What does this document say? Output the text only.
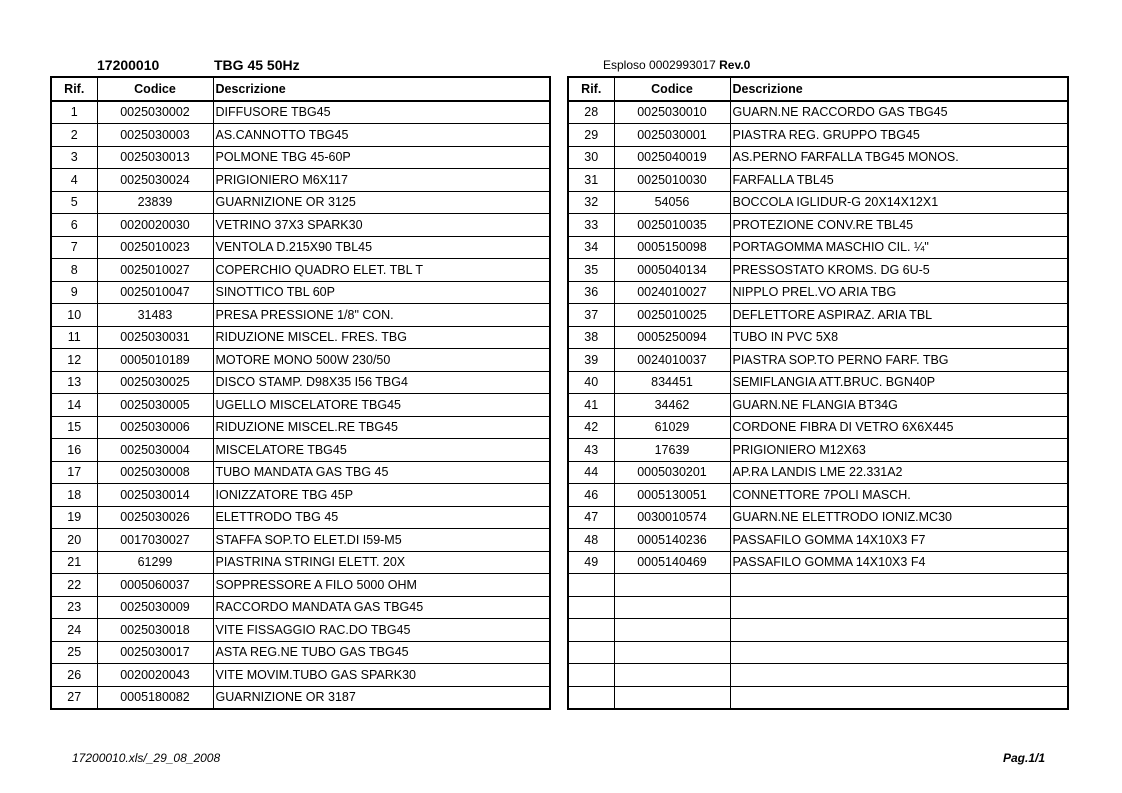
17200010	TBG 45 50Hz	Esploso 0002993017 Rev.0
Rif.	Codice	Descrizione
1	0025030002	DIFFUSORE TBG45
2	0025030003	AS.CANNOTTO TBG45
3	0025030013	POLMONE TBG 45-60P
4	0025030024	PRIGIONIERO M6X117
5	23839	GUARNIZIONE OR 3125
6	0020020030	VETRINO 37X3 SPARK30
7	0025010023	VENTOLA D.215X90 TBL45
8	0025010027	COPERCHIO QUADRO ELET. TBL T
9	0025010047	SINOTTICO TBL 60P
10	31483	PRESA PRESSIONE 1/8" CON.
11	0025030031	RIDUZIONE MISCEL. FRES. TBG
12	0005010189	MOTORE MONO 500W 230/50
13	0025030025	DISCO STAMP. D98X35 I56 TBG4
14	0025030005	UGELLO MISCELATORE TBG45
15	0025030006	RIDUZIONE MISCEL.RE TBG45
16	0025030004	MISCELATORE TBG45
17	0025030008	TUBO MANDATA GAS TBG 45
18	0025030014	IONIZZATORE TBG 45P
19	0025030026	ELETTRODO TBG 45
20	0017030027	STAFFA SOP.TO ELET.DI I59-M5
21	61299	PIASTRINA STRINGI ELETT. 20X
22	0005060037	SOPPRESSORE A FILO 5000 OHM
23	0025030009	RACCORDO MANDATA GAS TBG45
24	0025030018	VITE FISSAGGIO RAC.DO TBG45
25	0025030017	ASTA REG.NE TUBO GAS TBG45
26	0020020043	VITE MOVIM.TUBO GAS SPARK30
27	0005180082	GUARNIZIONE OR 3187
Rif.	Codice	Descrizione
28	0025030010	GUARN.NE RACCORDO GAS TBG45
29	0025030001	PIASTRA REG. GRUPPO TBG45
30	0025040019	AS.PERNO FARFALLA TBG45 MONOS.
31	0025010030	FARFALLA TBL45
32	54056	BOCCOLA IGLIDUR-G 20X14X12X1
33	0025010035	PROTEZIONE CONV.RE TBL45
34	0005150098	PORTAGOMMA MASCHIO CIL. ¼"
35	0005040134	PRESSOSTATO KROMS. DG 6U-5
36	0024010027	NIPPLO PREL.VO ARIA TBG
37	0025010025	DEFLETTORE ASPIRAZ. ARIA TBL
38	0005250094	TUBO IN PVC 5X8
39	0024010037	PIASTRA SOP.TO PERNO FARF. TBG
40	834451	SEMIFLANGIA ATT.BRUC. BGN40P
41	34462	GUARN.NE FLANGIA BT34G
42	61029	CORDONE FIBRA DI VETRO 6X6X445
43	17639	PRIGIONIERO M12X63
44	0005030201	AP.RA LANDIS LME 22.331A2
46	0005130051	CONNETTORE 7POLI MASCH.
47	0030010574	GUARN.NE ELETTRODO IONIZ.MC30
48	0005140236	PASSAFILO GOMMA 14X10X3 F7
49	0005140469	PASSAFILO GOMMA 14X10X3 F4

17200010.xls/_29_08_2008	Pag.1/1
